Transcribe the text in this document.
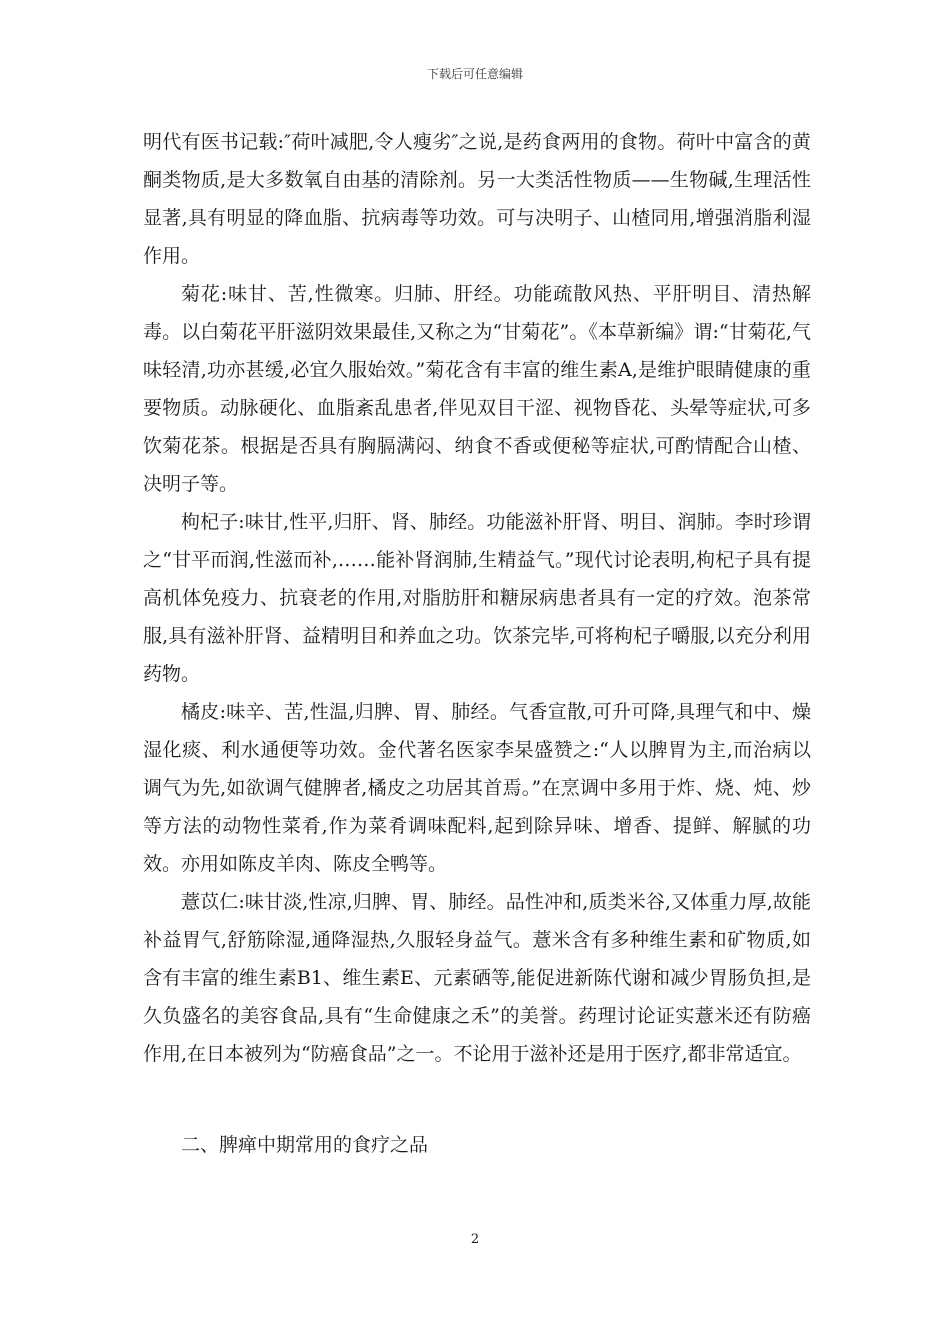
下载后可任意编辑

明代有医书记载:″荷叶减肥,令人瘦劣″之说,是药食两用的食物。荷叶中富含的黄酮类物质,是大多数氧自由基的清除剂。另一大类活性物质——生物碱,生理活性显著,具有明显的降血脂、抗病毒等功效。可与决明子、山楂同用,增强消脂利湿作用。

菊花:味甘、苦,性微寒。归肺、肝经。功能疏散风热、平肝明目、清热解毒。以白菊花平肝滋阴效果最佳,又称之为“甘菊花”。《本草新编》谓:“甘菊花,气味轻清,功亦甚缓,必宜久服始效。”菊花含有丰富的维生素A,是维护眼睛健康的重要物质。动脉硬化、血脂紊乱患者,伴见双目干涩、视物昏花、头晕等症状,可多饮菊花茶。根据是否具有胸膈满闷、纳食不香或便秘等症状,可酌情配合山楂、决明子等。

枸杞子:味甘,性平,归肝、肾、肺经。功能滋补肝肾、明目、润肺。李时珍谓之“甘平而润,性滋而补,……能补肾润肺,生精益气。”现代讨论表明,枸杞子具有提高机体免疫力、抗衰老的作用,对脂肪肝和糖尿病患者具有一定的疗效。泡茶常服,具有滋补肝肾、益精明目和养血之功。饮茶完毕,可将枸杞子嚼服,以充分利用药物。

橘皮:味辛、苦,性温,归脾、胃、肺经。气香宣散,可升可降,具理气和中、燥湿化痰、利水通便等功效。金代著名医家李杲盛赞之:“人以脾胃为主,而治病以调气为先,如欲调气健脾者,橘皮之功居其首焉。”在烹调中多用于炸、烧、炖、炒等方法的动物性菜肴,作为菜肴调味配料,起到除异味、增香、提鲜、解腻的功效。亦用如陈皮羊肉、陈皮全鸭等。

薏苡仁:味甘淡,性凉,归脾、胃、肺经。品性冲和,质类米谷,又体重力厚,故能补益胃气,舒筋除湿,通降湿热,久服轻身益气。薏米含有多种维生素和矿物质,如含有丰富的维生素B1、维生素E、元素硒等,能促进新陈代谢和减少胃肠负担,是久负盛名的美容食品,具有“生命健康之禾”的美誉。药理讨论证实薏米还有防癌作用,在日本被列为“防癌食品”之一。不论用于滋补还是用于医疗,都非常适宜。

二、脾瘅中期常用的食疗之品
2
